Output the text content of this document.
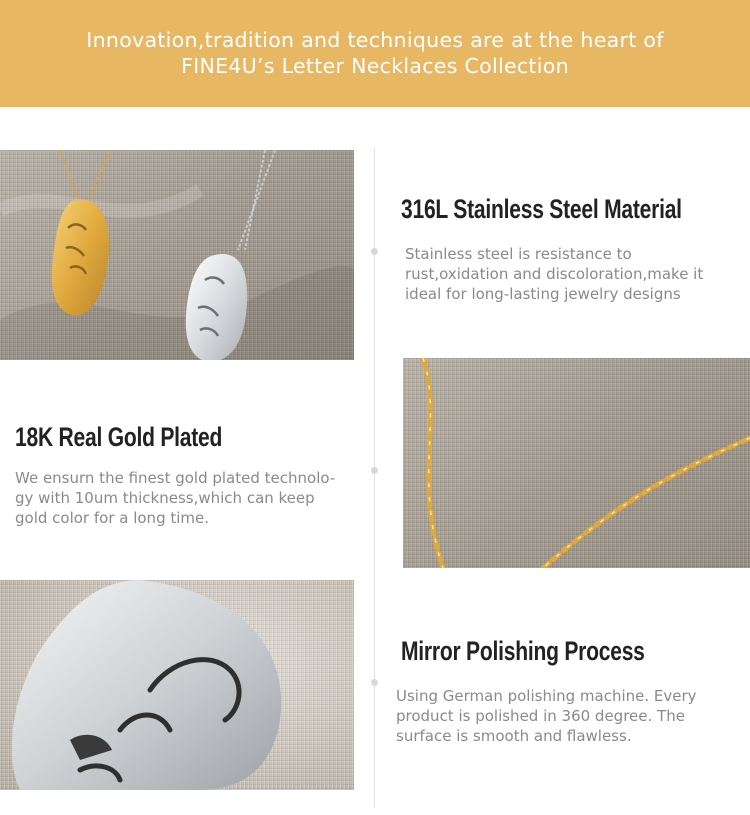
Innovation,tradition and techniques are at the heart of
FINE4U’s Letter Necklaces Collection
316L Stainless Steel Material
Stainless steel is resistance to
rust,oxidation and discoloration,make it
ideal for long-lasting jewelry designs
18K Real Gold Plated
We ensurn the finest gold plated technolo-
gy with 10um thickness,which can keep
gold color for a long time.
Mirror Polishing Process
Using German polishing machine. Every
product is polished in 360 degree. The
surface is smooth and flawless.
